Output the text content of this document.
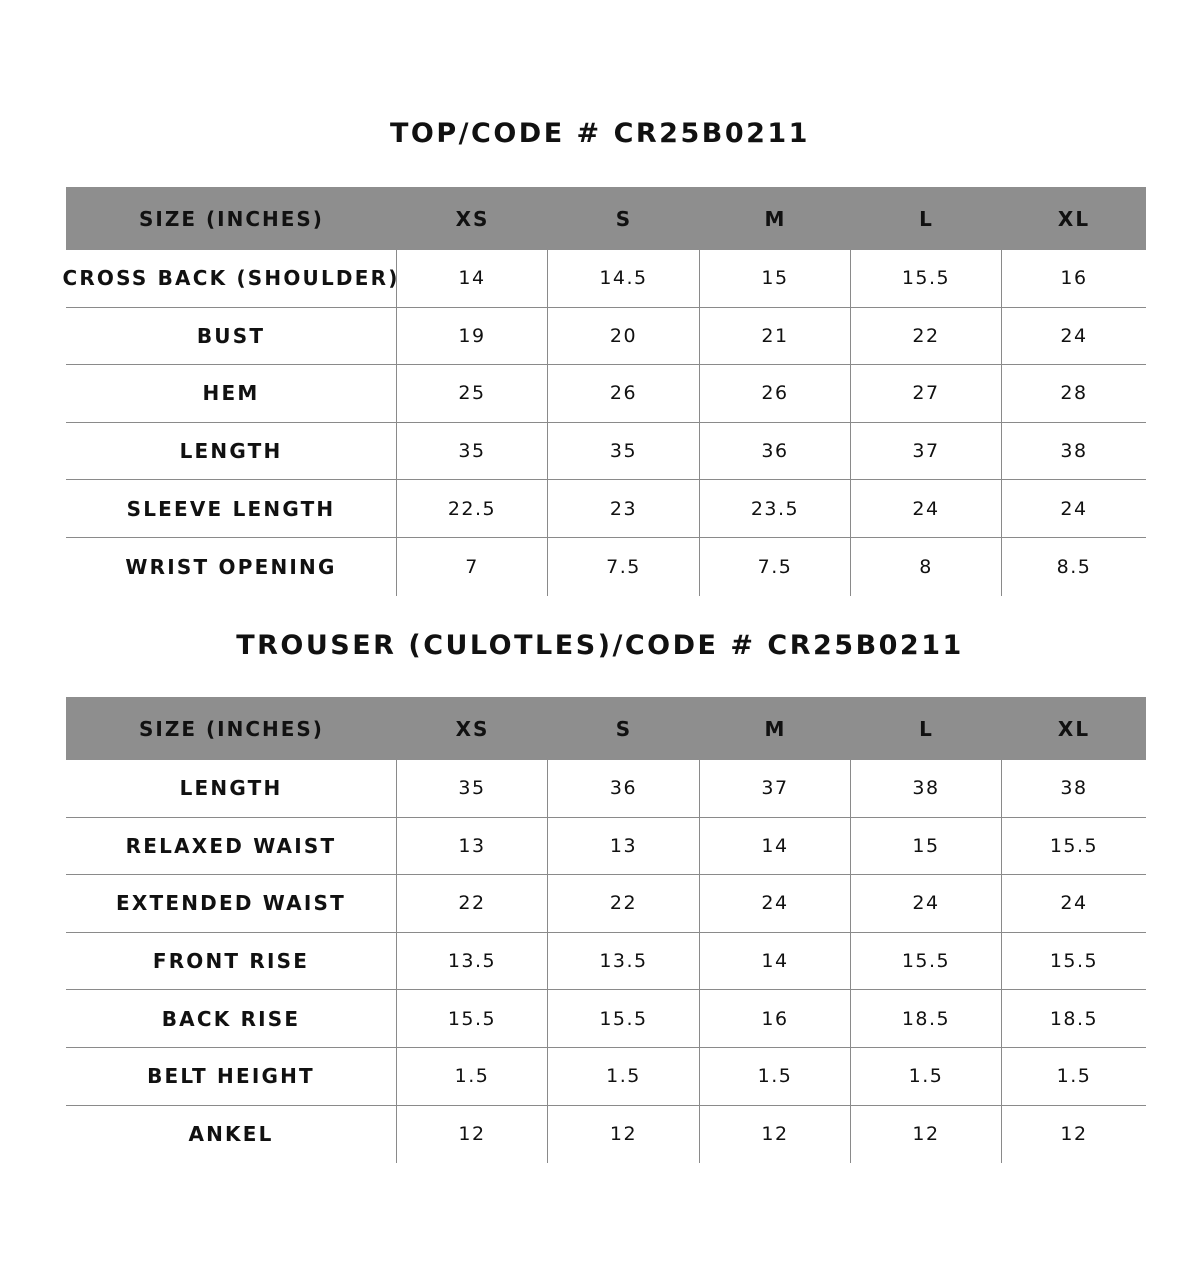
TOP/CODE # CR25B0211
SIZE (INCHES)	XS	S	M	L	XL
CROSS BACK (SHOULDER)	14	14.5	15	15.5	16
BUST	19	20	21	22	24
HEM	25	26	26	27	28
LENGTH	35	35	36	37	38
SLEEVE LENGTH	22.5	23	23.5	24	24
WRIST OPENING	7	7.5	7.5	8	8.5
TROUSER (CULOTLES)/CODE # CR25B0211
SIZE (INCHES)	XS	S	M	L	XL
LENGTH	35	36	37	38	38
RELAXED WAIST	13	13	14	15	15.5
EXTENDED WAIST	22	22	24	24	24
FRONT RISE	13.5	13.5	14	15.5	15.5
BACK RISE	15.5	15.5	16	18.5	18.5
BELT HEIGHT	1.5	1.5	1.5	1.5	1.5
ANKEL	12	12	12	12	12
